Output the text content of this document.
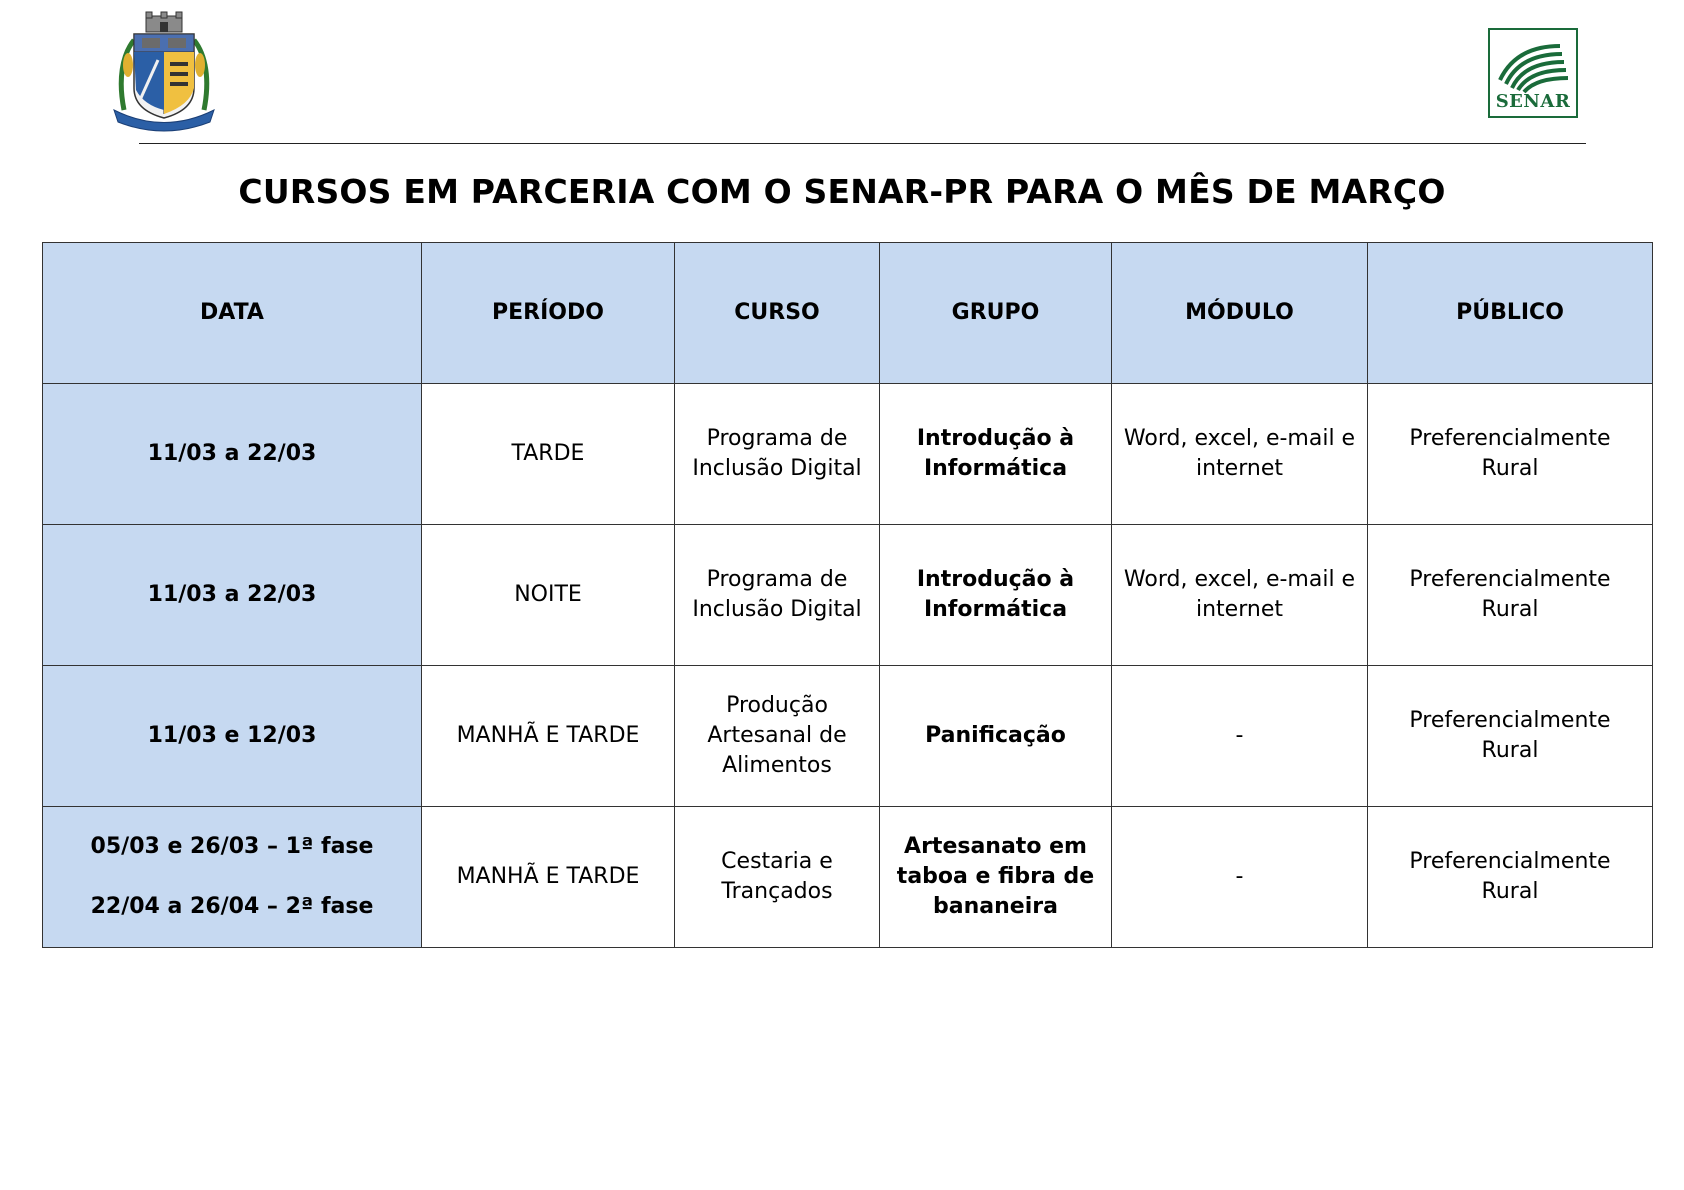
SENAR
CURSOS EM PARCERIA COM O SENAR-PR PARA O MÊS DE MARÇO
DATA	PERÍODO	CURSO	GRUPO	MÓDULO	PÚBLICO

11/03 a 22/03	TARDE	Programa de Inclusão Digital	Introdução à Informática	Word, excel, e-mail e internet	Preferencialmente Rural

11/03 a 22/03	NOITE	Programa de Inclusão Digital	Introdução à Informática	Word, excel, e-mail e internet	Preferencialmente Rural

11/03 e 12/03	MANHÃ E TARDE	Produção Artesanal de Alimentos	Panificação	-	Preferencialmente Rural

05/03 e 26/03 – 1ª fase
22/04 a 26/04 – 2ª fase	MANHÃ E TARDE	Cestaria e Trançados	Artesanato em taboa e fibra de bananeira	-	Preferencialmente Rural
